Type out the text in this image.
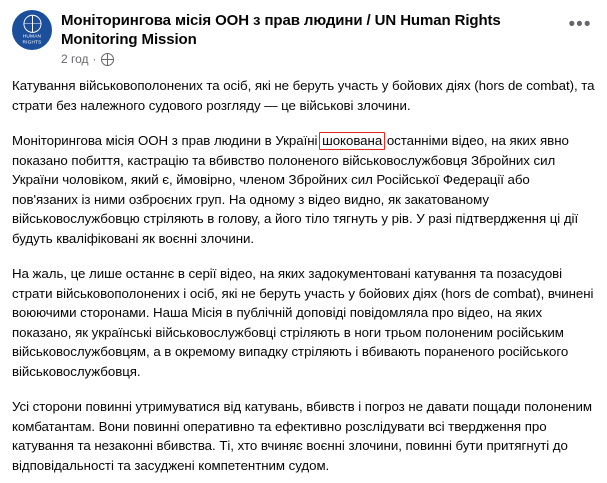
HUMAN RIGHTS
Моніторингова місія ООН з прав людини / UN Human Rights Monitoring Mission
2 год ·
•••

Катування військовополонених та осіб, які не беруть участь у бойових діях (hors de combat), та страти без належного судового розгляду — це військові злочини.

Моніторингова місія ООН з прав людини в Україні шокована останніми відео, на яких явно показано побиття, кастрацію та вбивство полоненого військовослужбовця Збройних сил України чоловіком, який є, ймовірно, членом Збройних сил Російської Федерації або пов'язаних із ними озброєних груп. На одному з відео видно, як закатованому військовослужбовцю стріляють в голову, а його тіло тягнуть у рів. У разі підтвердження ці дії будуть кваліфіковані як воєнні злочини.

На жаль, це лише останнє в серії відео, на яких задокументовані катування та позасудові страти військовополонених і осіб, які не беруть участь у бойових діях (hors de combat), вчинені воюючими сторонами. Наша Місія в публічній доповіді повідомляла про відео, на яких показано, як українські військовослужбовці стріляють в ноги трьом полоненим російським військовослужбовцям, а в окремому випадку стріляють і вбивають пораненого російського військовослужбовця.

Усі сторони повинні утримуватися від катувань, вбивств і погроз не давати пощади полоненим комбатантам. Вони повинні оперативно та ефективно розслідувати всі твердження про катування та незаконні вбивства. Ті, хто вчиняє воєнні злочини, повинні бути притягнуті до відповідальності та засуджені компетентним судом.
